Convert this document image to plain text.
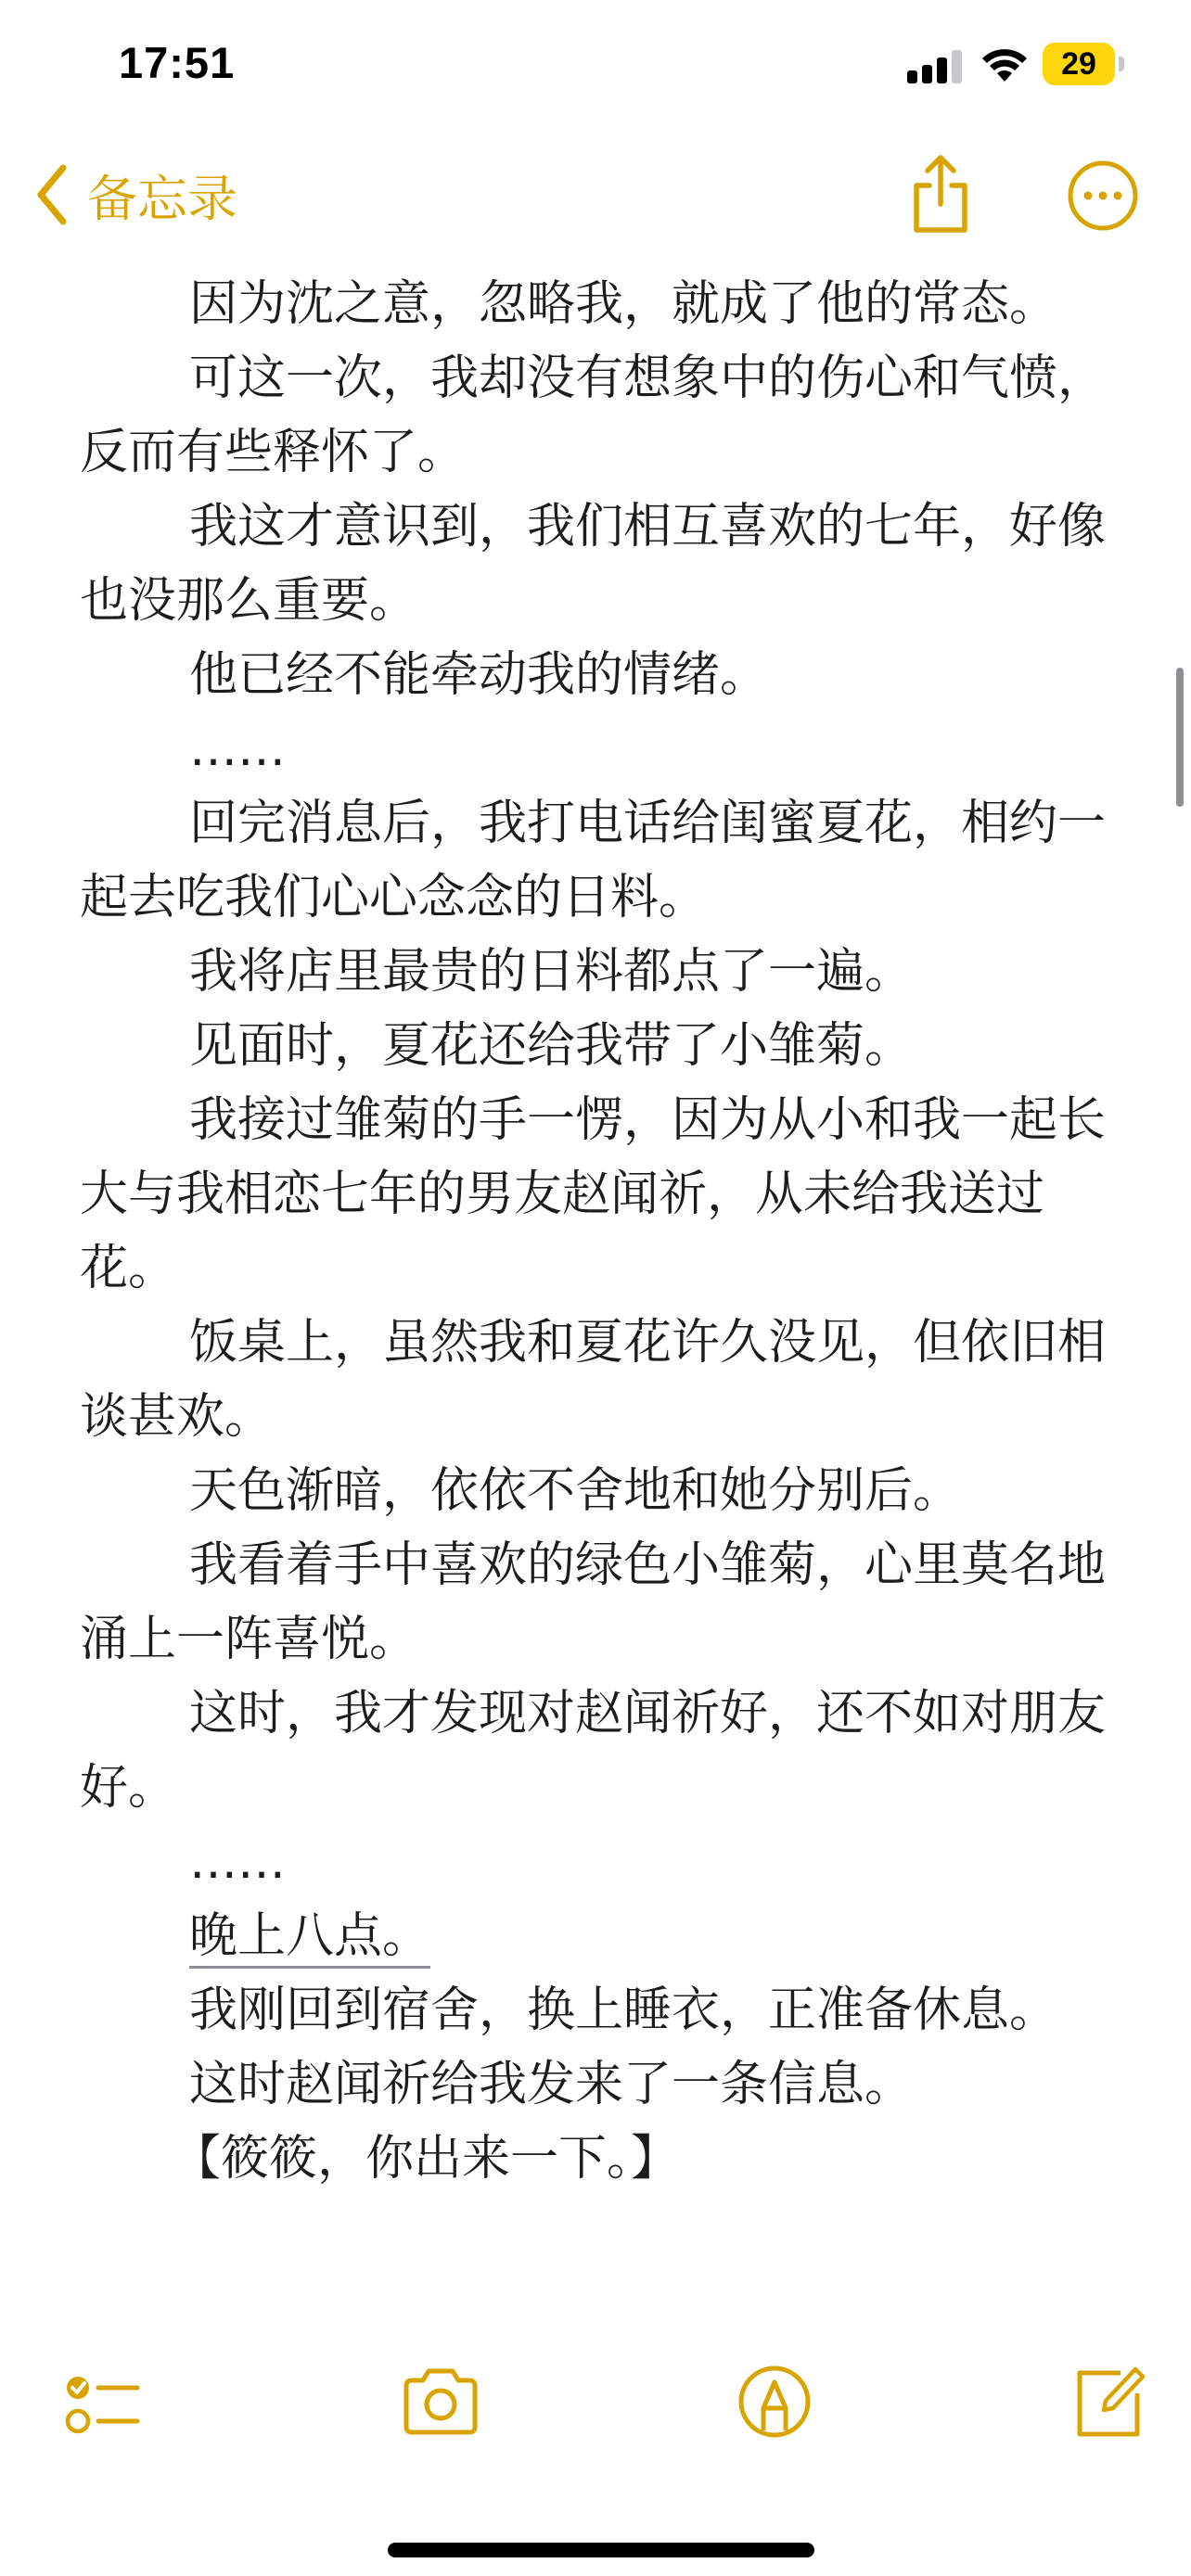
17:51	29
备忘录

因为沈之意，忽略我，就成了他的常态。

可这一次，我却没有想象中的伤心和气愤，反而有些释怀了。

我这才意识到，我们相互喜欢的七年，好像也没那么重要。

他已经不能牵动我的情绪。

……

回完消息后，我打电话给闺蜜夏花，相约一起去吃我们心心念念的日料。

我将店里最贵的日料都点了一遍。

见面时，夏花还给我带了小雏菊。

我接过雏菊的手一愣，因为从小和我一起长大与我相恋七年的男友赵闻祈，从未给我送过花。

饭桌上，虽然我和夏花许久没见，但依旧相谈甚欢。

天色渐暗，依依不舍地和她分别后。

我看着手中喜欢的绿色小雏菊，心里莫名地涌上一阵喜悦。

这时，我才发现对赵闻祈好，还不如对朋友好。

……

晚上八点。

我刚回到宿舍，换上睡衣，正准备休息。

这时赵闻祈给我发来了一条信息。

【筱筱，你出来一下。】
